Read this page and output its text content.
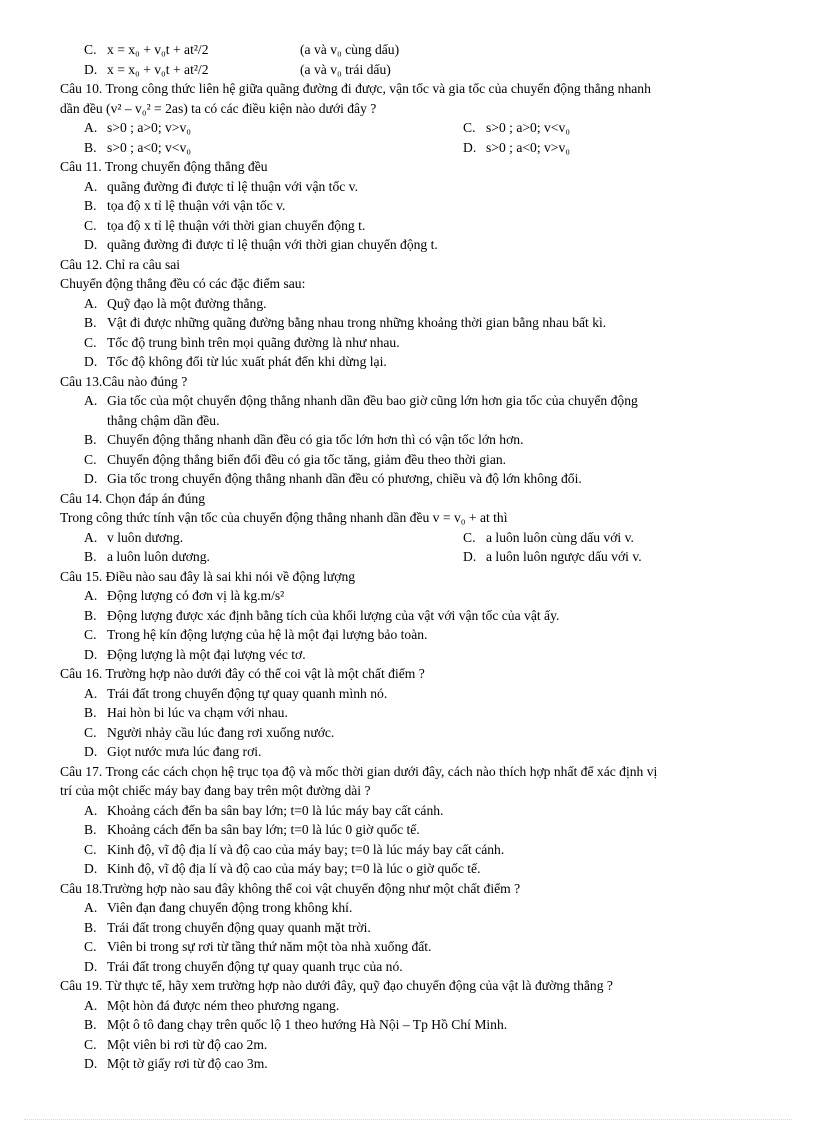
C. x = x₀ + v₀t + at²/2	(a và v₀ cùng dấu)
D. x = x₀ + v₀t + at²/2	(a và v₀ trái dấu)
Câu 10. Trong công thức liên hệ giữa quãng đường đi được, vận tốc và gia tốc của chuyển động thẳng nhanh
dần đều (v² – v₀² = 2as) ta có các điều kiện nào dưới đây ?
A. s>0 ; a>0; v>v₀	C. s>0 ; a>0; v<v₀
B. s>0 ; a<0; v<v₀	D. s>0 ; a<0; v>v₀
Câu 11. Trong chuyển động thẳng đều
A. quãng đường đi được tỉ lệ thuận với vận tốc v.
B. tọa độ x tỉ lệ thuận với vận tốc v.
C. tọa độ x tỉ lệ thuận với thời gian chuyển động t.
D. quãng đường đi được tỉ lệ thuận với thời gian chuyển động t.
Câu 12. Chỉ ra câu sai
Chuyển động thẳng đều có các đặc điểm sau:
A. Quỹ đạo là một đường thẳng.
B. Vật đi được những quãng đường bằng nhau trong những khoảng thời gian bằng nhau bất kì.
C. Tốc độ trung bình trên mọi quãng đường là như nhau.
D. Tốc độ không đổi từ lúc xuất phát đến khi dừng lại.
Câu 13.Câu nào đúng ?
A. Gia tốc của một chuyển động thẳng nhanh dần đều bao giờ cũng lớn hơn gia tốc của chuyển động
thẳng chậm dần đều.
B. Chuyển động thẳng nhanh dần đều có gia tốc lớn hơn thì có vận tốc lớn hơn.
C. Chuyển động thẳng biến đổi đều có gia tốc tăng, giảm đều theo thời gian.
D. Gia tốc trong chuyển động thẳng nhanh dần đều có phương, chiều và độ lớn không đổi.
Câu 14. Chọn đáp án đúng
Trong công thức tính vận tốc của chuyển động thẳng nhanh dần đều v = v₀ + at thì
A. v luôn dương.	C. a luôn luôn cùng dấu với v.
B. a luôn luôn dương.	D. a luôn luôn ngược dấu với v.
Câu 15. Điều nào sau đây là sai khi nói về động lượng
A. Động lượng có đơn vị là kg.m/s²
B. Động lượng được xác định bằng tích của khối lượng của vật với vận tốc của vật ấy.
C. Trong hệ kín động lượng của hệ là một đại lượng bảo toàn.
D. Động lượng là một đại lượng véc tơ.
Câu 16. Trường hợp nào dưới đây có thể coi vật là một chất điểm ?
A. Trái đất trong chuyển động tự quay quanh mình nó.
B. Hai hòn bi lúc va chạm với nhau.
C. Người nhảy cầu lúc đang rơi xuống nước.
D. Giọt nước mưa lúc đang rơi.
Câu 17. Trong các cách chọn hệ trục tọa độ và mốc thời gian dưới đây, cách nào thích hợp nhất để xác định vị
trí của một chiếc máy bay đang bay trên một đường dài ?
A. Khoảng cách đến ba sân bay lớn; t=0 là lúc máy bay cất cánh.
B. Khoảng cách đến ba sân bay lớn; t=0 là lúc 0 giờ quốc tế.
C. Kinh độ, vĩ độ địa lí và độ cao của máy bay; t=0 là lúc máy bay cất cánh.
D. Kinh độ, vĩ độ địa lí và độ cao của máy bay; t=0 là lúc o giờ quốc tế.
Câu 18.Trường hợp nào sau đây không thể coi vật chuyển động như một chất điểm ?
A. Viên đạn đang chuyển động trong không khí.
B. Trái đất trong chuyển động quay quanh mặt trời.
C. Viên bi trong sự rơi từ tầng thứ năm một tòa nhà xuống đất.
D. Trái đất trong chuyển động tự quay quanh trục của nó.
Câu 19. Từ thực tế, hãy xem trường hợp nào dưới đây, quỹ đạo chuyển động của vật là đường thẳng ?
A. Một hòn đá được ném theo phương ngang.
B. Một ô tô đang chạy trên quốc lộ 1 theo hướng Hà Nội – Tp Hồ Chí Minh.
C. Một viên bi rơi từ độ cao 2m.
D. Một tờ giấy rơi từ độ cao 3m.
